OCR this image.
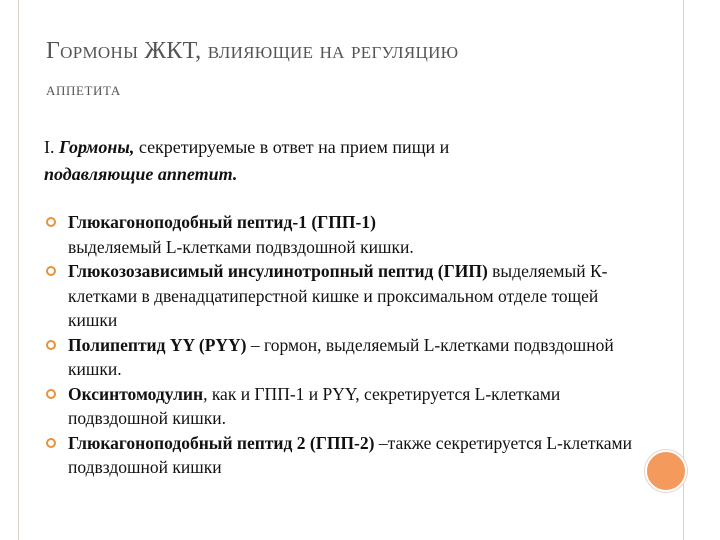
Гормоны ЖКТ, влияющие на регуляцию
аппетита
I. Гормоны, секретируемые в ответ на прием пищи и
подавляющие аппетит.
Глюкагоноподобный пептид-1 (ГПП-1)
выделяемый L-клетками подвздошной кишки.
Глюкозозависимый инсулинотропный пептид (ГИП) выделяемый К-клетками в двенадцатиперстной кишке и проксимальном отделе тощей кишки
Полипептид YY (PYY) – гормон, выделяемый L-клетками подвздошной кишки.
Оксинтомодулин, как и ГПП-1 и PYY, секретируется L-клетками подвздошной кишки.
Глюкагоноподобный пептид 2 (ГПП-2) –также секретируется L-клетками подвздошной кишки
